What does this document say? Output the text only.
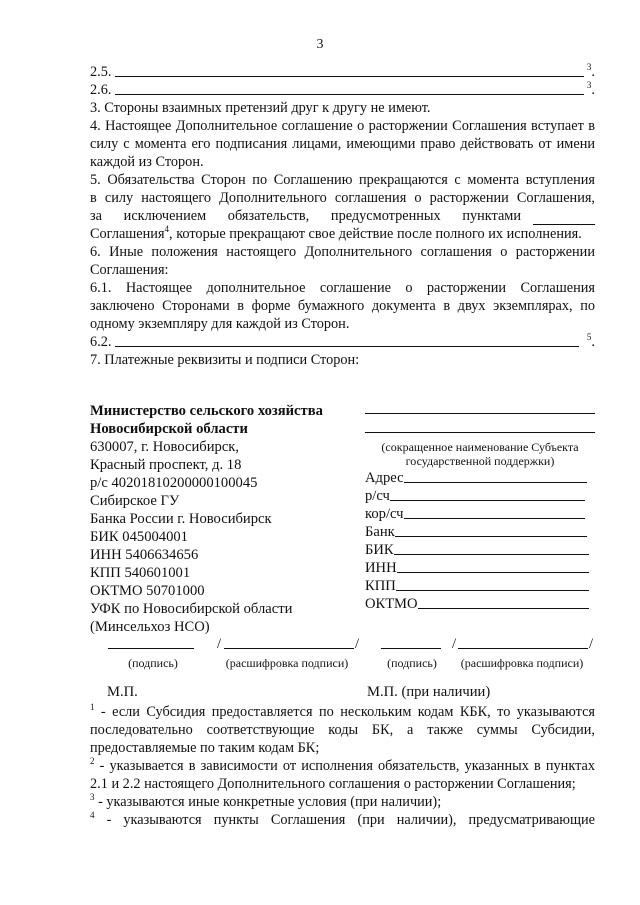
3
2.5.	$^3$.
2.6.	$^3$.

3. Стороны взаимных претензий друг к другу не имеют.

4. Настоящее Дополнительное соглашение о расторжении Соглашения вступает в силу с момента его подписания лицами, имеющими право действовать от имени каждой из Сторон.

5. Обязательства Сторон по Соглашению прекращаются с момента вступления

в силу настоящего Дополнительного соглашения о расторжении Соглашения,

за исключением обязательств, предусмотренных пунктами

Соглашения$^4$, которые прекращают свое действие после полного их исполнения.

6. Иные положения настоящего Дополнительного соглашения о расторжении Соглашения:

6.1. Настоящее дополнительное соглашение о расторжении Соглашения заключено Сторонами в форме бумажного документа в двух экземплярах, по одному экземпляру для каждой из Сторон.

6.2.	$^5$.

7. Платежные реквизиты и подписи Сторон:

Министерство сельского хозяйства
Новосибирской области
630007, г. Новосибирск,
Красный проспект, д. 18
р/с 40201810200000100045
Сибирское ГУ
Банка России г. Новосибирск
БИК 045004001
ИНН 5406634656
КПП 540601001
ОКТМО 50701000
УФК по Новосибирской области
(Минсельхоз НСО)
(сокращенное наименование Субъекта государственной поддержки)
Адрес
р/сч
кор/сч
Банк
БИК
ИНН
КПП
ОКТМО
/	/	/	/
(подпись)	(расшифровка подписи)	(подпись)	(расшифровка подписи)
М.П.	М.П. (при наличии)

$^1$ - если Субсидия предоставляется по нескольким кодам КБК, то указываются последовательно соответствующие коды БК, а также суммы Субсидии, предоставляемые по таким кодам БК;

$^2$ - указывается в зависимости от исполнения обязательств, указанных в пунктах 2.1 и 2.2 настоящего Дополнительного соглашения о расторжении Соглашения;

$^3$ - указываются иные конкретные условия (при наличии);

$^4$ - указываются пункты Соглашения (при наличии), предусматривающие
